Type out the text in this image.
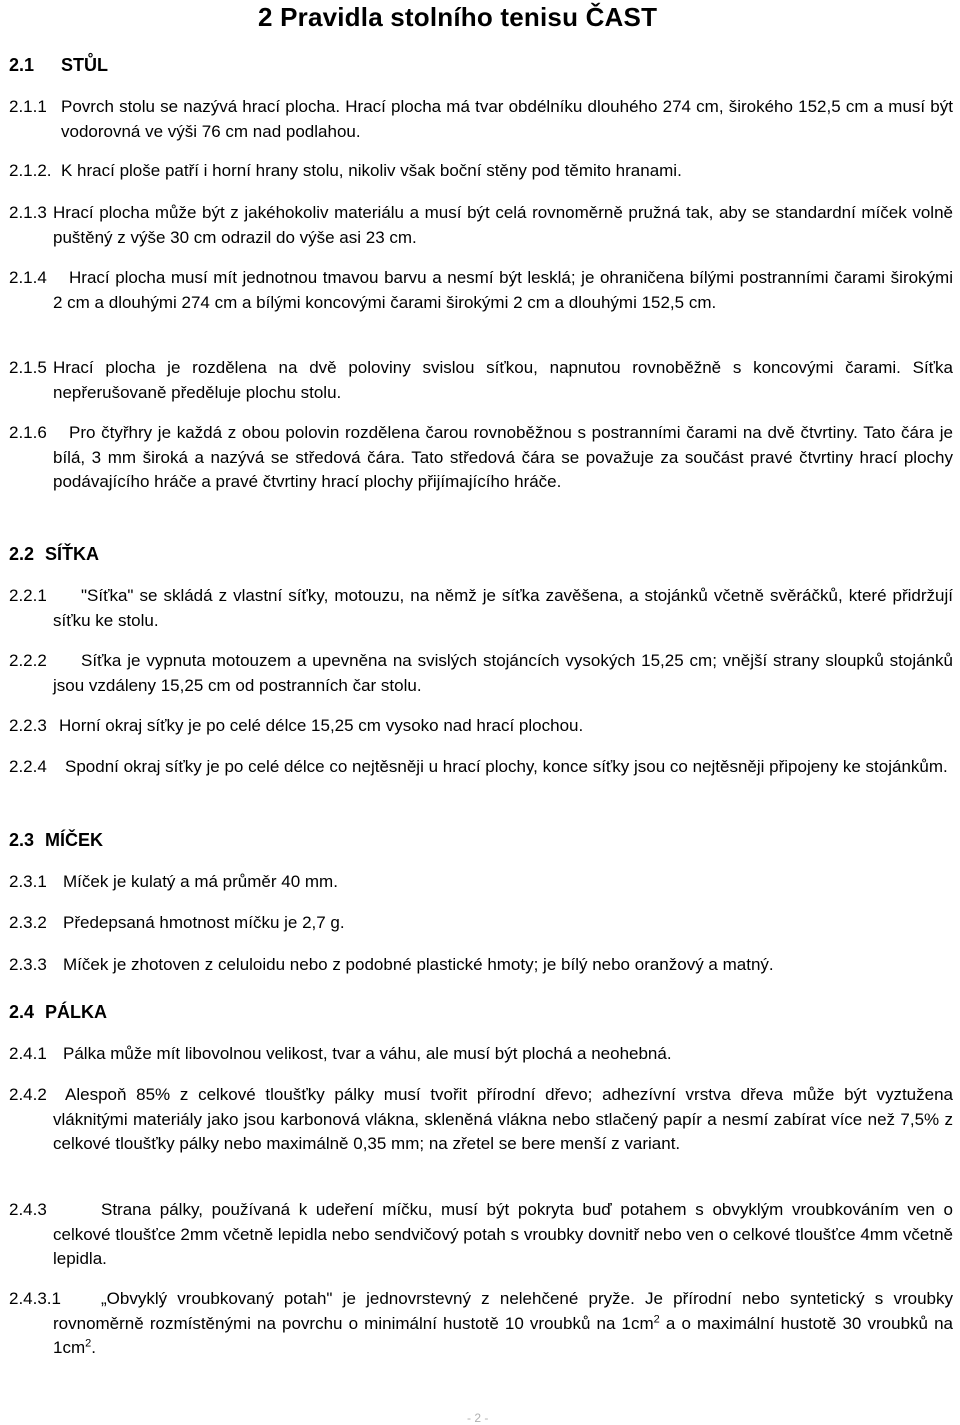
2 Pravidla stolního tenisu ČAST
2.1 STŮL
2.1.1 Povrch stolu se nazývá hrací plocha. Hrací plocha má tvar obdélníku dlouhého 274 cm, širokého 152,5 cm a musí být vodorovná ve výši 76 cm nad podlahou.
2.1.2. K hrací ploše patří i horní hrany stolu, nikoliv však boční stěny pod těmito hranami.
2.1.3 Hrací plocha může být z jakéhokoliv materiálu a musí být celá rovnoměrně pružná tak, aby se standardní míček volně puštěný z výše 30 cm odrazil do výše asi 23 cm.
2.1.4	Hrací plocha musí mít jednotnou tmavou barvu a nesmí být lesklá; je ohraničena bílými postranními čarami širokými 2 cm a dlouhými 274 cm a bílými koncovými čarami širokými 2 cm a dlouhými 152,5 cm.
2.1.5 Hrací plocha je rozdělena na dvě poloviny svislou síťkou, napnutou rovnoběžně s koncovými čarami. Síťka nepřerušovaně předěluje plochu stolu.
2.1.6	Pro čtyřhry je každá z obou polovin rozdělena čarou rovnoběžnou s postranními čarami na dvě čtvrtiny. Tato čára je bílá, 3 mm široká a nazývá se středová čára. Tato středová čára se považuje za součást pravé čtvrtiny hrací plochy podávajícího hráče a pravé čtvrtiny hrací plochy přijímajícího hráče.
2.2 SÍŤKA
2.2.1	"Síťka" se skládá z vlastní síťky, motouzu, na němž je síťka zavěšena, a stojánků včetně svěráčků, které přidržují síťku ke stolu.
2.2.2	Síťka je vypnuta motouzem a upevněna na svislých stojáncích vysokých 15,25 cm; vnější strany sloupků stojánků jsou vzdáleny 15,25 cm od postranních čar stolu.
2.2.3 Horní okraj síťky je po celé délce 15,25 cm vysoko nad hrací plochou.
2.2.4	Spodní okraj síťky je po celé délce co nejtěsněji u hrací plochy, konce síťky jsou co nejtěsněji připojeny ke stojánkům.
2.3 MÍČEK
2.3.1 Míček je kulatý a má průměr 40 mm.
2.3.2 Předepsaná hmotnost míčku je 2,7 g.
2.3.3 Míček je zhotoven z celuloidu nebo z podobné plastické hmoty; je bílý nebo oranžový a matný.
2.4 PÁLKA
2.4.1 Pálka může mít libovolnou velikost, tvar a váhu, ale musí být plochá a neohebná.
2.4.2	Alespoň 85% z celkové tloušťky pálky musí tvořit přírodní dřevo; adhezívní vrstva dřeva může být vyztužena vláknitými materiály jako jsou karbonová vlákna, skleněná vlákna nebo stlačený papír a nesmí zabírat více než 7,5% z celkové tloušťky pálky nebo maximálně 0,35 mm; na zřetel se bere menší z variant.
2.4.3	Strana pálky, používaná k udeření míčku, musí být pokryta buď potahem s obvyklým vroubkováním ven o celkové tloušťce 2mm včetně lepidla nebo sendvičový potah s vroubky dovnitř nebo ven o celkové tloušťce 4mm včetně lepidla.
2.4.3.1	„Obvyklý vroubkovaný potah" je jednovrstevný z nelehčené pryže. Je přírodní nebo syntetický s vroubky rovnoměrně rozmístěnými na povrchu o minimální hustotě 10 vroubků na $1cm^2$ a o maximální hustotě 30 vroubků na $1cm^2$.
- 2 -
